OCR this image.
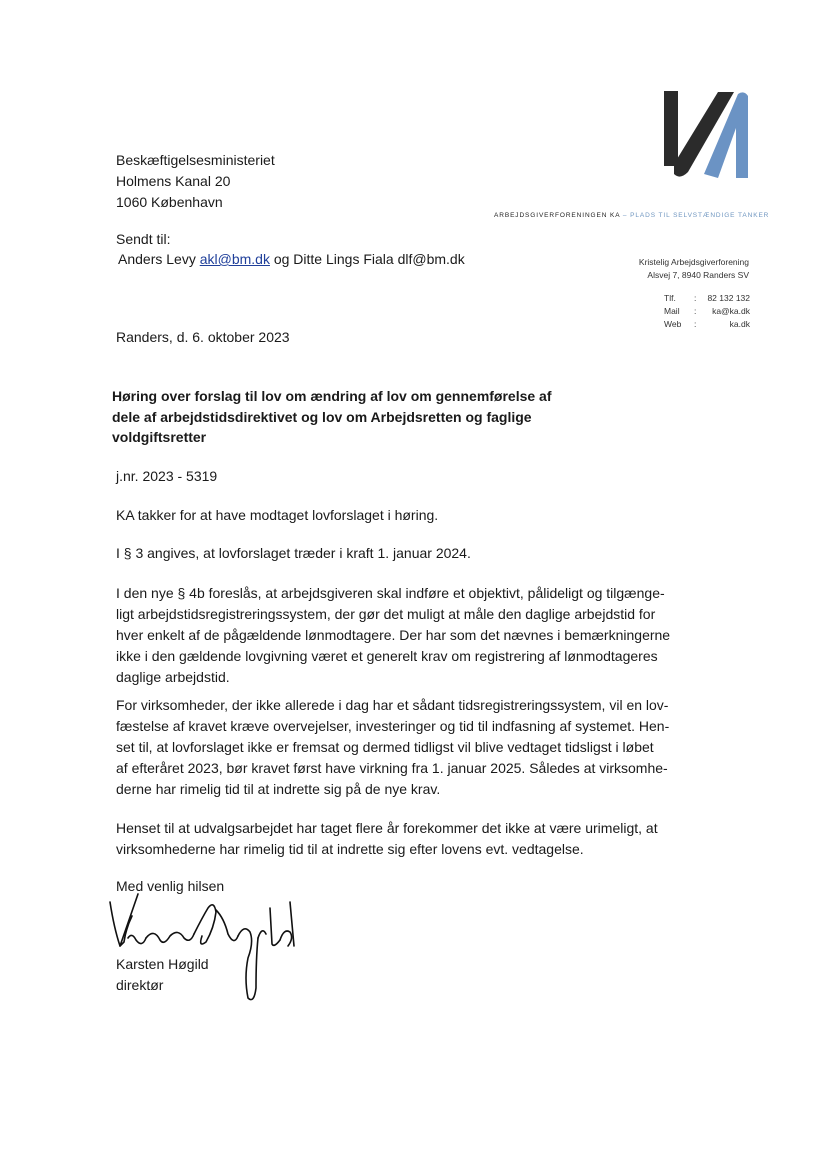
ARBEJDSGIVERFORENINGEN KA – PLADS TIL SELVSTÆNDIGE TANKER
Kristelig Arbejdsgiverforening
Alsvej 7, 8940 Randers SV
Tlf.	:	82 132 132
Mail	:	ka@ka.dk
Web	:	ka.dk
Beskæftigelsesministeriet
Holmens Kanal 20
1060 København
Sendt til:
Anders Levy akl@bm.dk og Ditte Lings Fiala dlf@bm.dk
Randers, d. 6. oktober 2023
Høring over forslag til lov om ændring af lov om gennemførelse af dele af arbejdstidsdirektivet og lov om Arbejdsretten og faglige voldgiftsretter
j.nr. 2023 - 5319
KA takker for at have modtaget lovforslaget i høring.
I § 3 angives, at lovforslaget træder i kraft 1. januar 2024.
I den nye § 4b foreslås, at arbejdsgiveren skal indføre et objektivt, pålideligt og tilgænge-
ligt arbejdstidsregistreringssystem, der gør det muligt at måle den daglige arbejdstid for
hver enkelt af de pågældende lønmodtagere. Der har som det nævnes i bemærkningerne
ikke i den gældende lovgivning været et generelt krav om registrering af lønmodtageres
daglige arbejdstid.
For virksomheder, der ikke allerede i dag har et sådant tidsregistreringssystem, vil en lov-
fæstelse af kravet kræve overvejelser, investeringer og tid til indfasning af systemet. Hen-
set til, at lovforslaget ikke er fremsat og dermed tidligst vil blive vedtaget tidsligst i løbet
af efteråret 2023, bør kravet først have virkning fra 1. januar 2025. Således at virksomhe-
derne har rimelig tid til at indrette sig på de nye krav.
Henset til at udvalgsarbejdet har taget flere år forekommer det ikke at være urimeligt, at
virksomhederne har rimelig tid til at indrette sig efter lovens evt. vedtagelse.
Med venlig hilsen
Karsten Høgild
direktør
